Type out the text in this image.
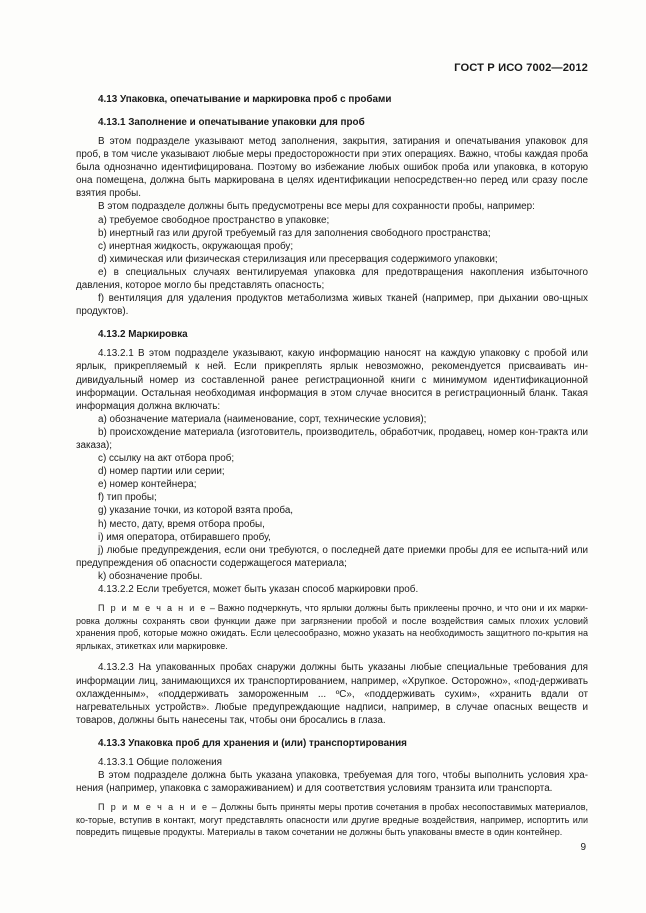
ГОСТ Р ИСО 7002—2012
4.13 Упаковка, опечатывание и маркировка проб с пробами
4.13.1 Заполнение и опечатывание упаковки для проб
В этом подразделе указывают метод заполнения, закрытия, затирания и опечатывания упаковок для проб, в том числе указывают любые меры предосторожности при этих операциях. Важно, чтобы каждая проба была однозначно идентифицирована. Поэтому во избежание любых ошибок проба или упаковка, в которую она помещена, должна быть маркирована в целях идентификации непосредствен-но перед или сразу после взятия пробы.
В этом подразделе должны быть предусмотрены все меры для сохранности пробы, например:
а) требуемое свободное пространство в упаковке;
b) инертный газ или другой требуемый газ для заполнения свободного пространства;
c) инертная жидкость, окружающая пробу;
d) химическая или физическая стерилизация или пресервация содержимого упаковки;
e) в специальных случаях вентилируемая упаковка для предотвращения накопления избыточного давления, которое могло бы представлять опасность;
f) вентиляция для удаления продуктов метаболизма живых тканей (например, при дыхании ово-щных продуктов).
4.13.2 Маркировка
4.13.2.1 В этом подразделе указывают, какую информацию наносят на каждую упаковку с пробой или ярлык, прикрепляемый к ней. Если прикреплять ярлык невозможно, рекомендуется присваивать ин-дивидуальный номер из составленной ранее регистрационной книги с минимумом идентификационной информации. Остальная необходимая информация в этом случае вносится в регистрационный бланк. Такая информация должна включать:
а) обозначение материала (наименование, сорт, технические условия);
b) происхождение материала (изготовитель, производитель, обработчик, продавец, номер кон-тракта или заказа);
c) ссылку на акт отбора проб;
d) номер партии или серии;
e) номер контейнера;
f) тип пробы;
g) указание точки, из которой взята проба,
h) место, дату, время отбора пробы,
i) имя оператора, отбиравшего пробу,
j) любые предупреждения, если они требуются, о последней дате приемки пробы для ее испыта-ний или предупреждения об опасности содержащегося материала;
k) обозначение пробы.
4.13.2.2 Если требуется, может быть указан способ маркировки проб.
П р и м е ч а н и е – Важно подчеркнуть, что ярлыки должны быть приклеены прочно, и что они и их марки-ровка должны сохранять свои функции даже при загрязнении пробой и после воздействия самых плохих условий хранения проб, которые можно ожидать. Если целесообразно, можно указать на необходимость защитного по-крытия на ярлыках, этикетках или маркировке.
4.13.2.3 На упакованных пробах снаружи должны быть указаны любые специальные требования для информации лиц, занимающихся их транспортированием, например, «Хрупкое. Осторожно», «под-держивать охлажденным», «поддерживать замороженным ... ºС», «поддерживать сухим», «хранить вдали от нагревательных устройств». Любые предупреждающие надписи, например, в случае опасных веществ и товаров, должны быть нанесены так, чтобы они бросались в глаза.
4.13.3 Упаковка проб для хранения и (или) транспортирования
4.13.3.1 Общие положения
В этом подразделе должна быть указана упаковка, требуемая для того, чтобы выполнить условия хра-нения (например, упаковка с замораживанием) и для соответствия условиям транзита или транспорта.
П р и м е ч а н и е – Должны быть приняты меры против сочетания в пробах несопоставимых материалов, ко-торые, вступив в контакт, могут представлять опасности или другие вредные воздействия, например, испортить или повредить пищевые продукты. Материалы в таком сочетании не должны быть упакованы вместе в один контейнер.
9
